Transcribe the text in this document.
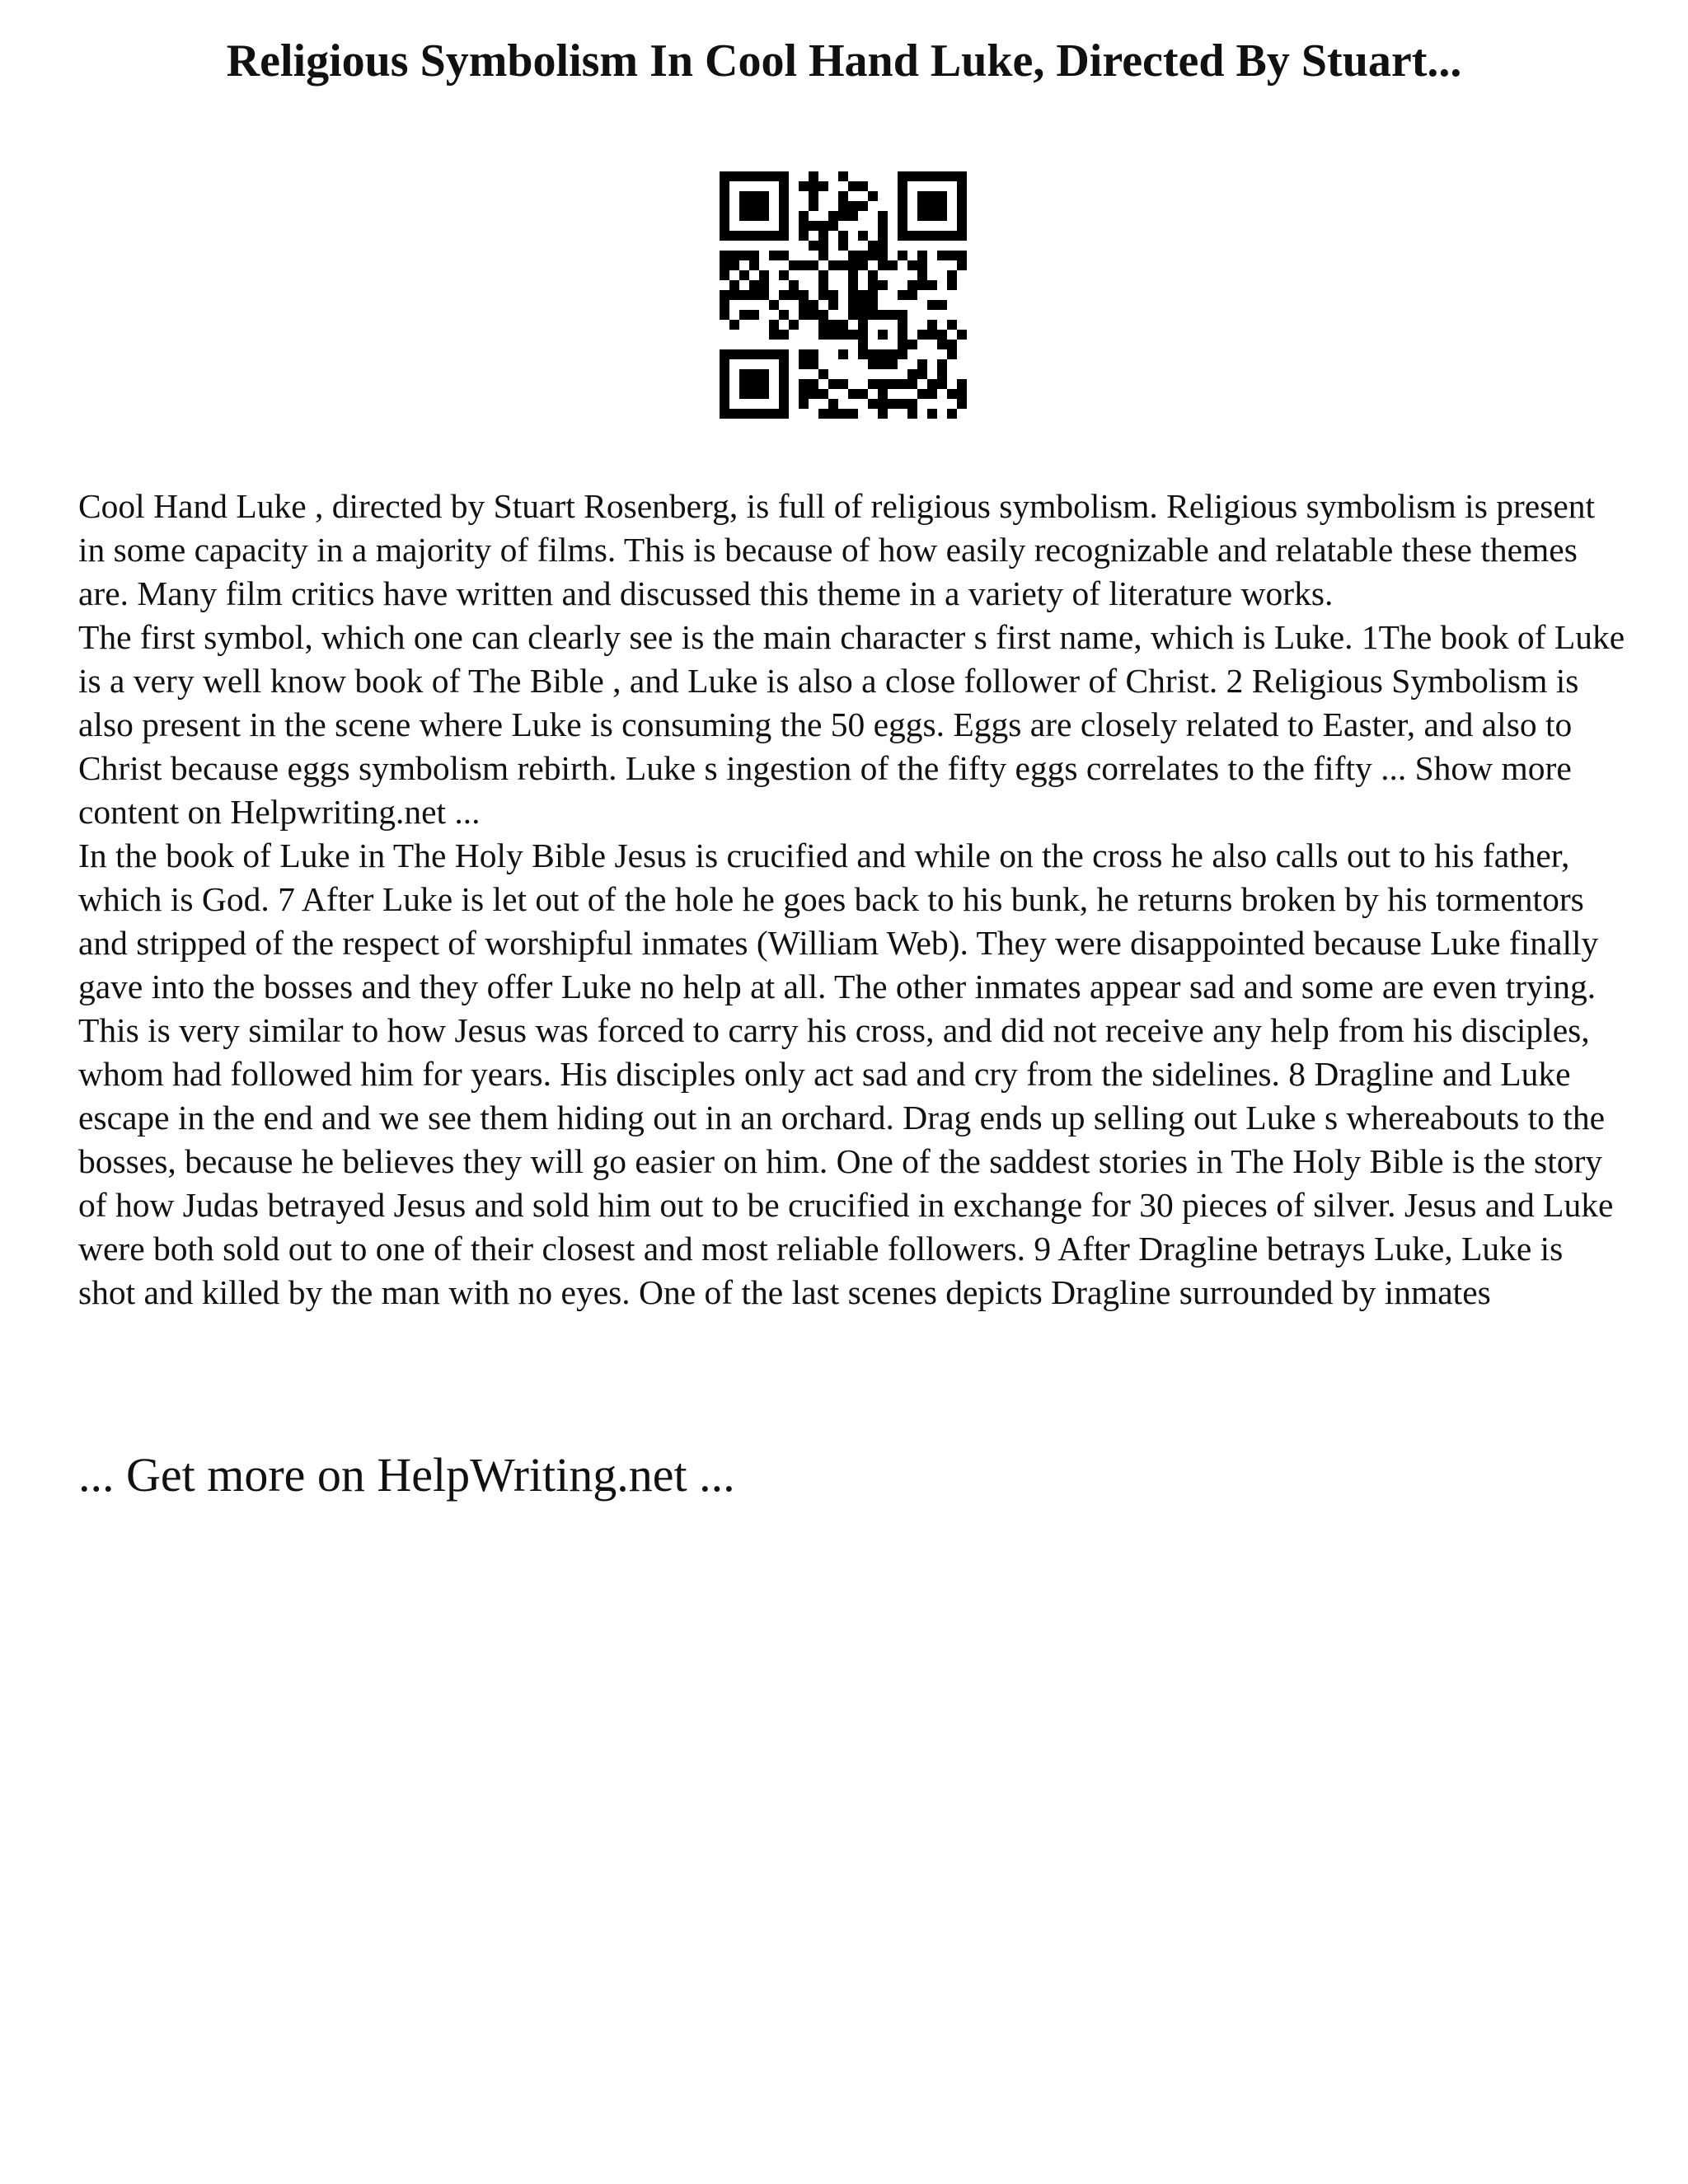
Religious Symbolism In Cool Hand Luke, Directed By Stuart...

Cool Hand Luke , directed by Stuart Rosenberg, is full of religious symbolism. Religious symbolism is present in some capacity in a majority of films. This is because of how easily recognizable and relatable these themes are. Many film critics have written and discussed this theme in a variety of literature works.

The first symbol, which one can clearly see is the main character s first name, which is Luke. 1The book of Luke is a very well know book of The Bible , and Luke is also a close follower of Christ. 2 Religious Symbolism is also present in the scene where Luke is consuming the 50 eggs. Eggs are closely related to Easter, and also to Christ because eggs symbolism rebirth. Luke s ingestion of the fifty eggs correlates to the fifty ... Show more content on Helpwriting.net ...

In the book of Luke in The Holy Bible Jesus is crucified and while on the cross he also calls out to his father, which is God. 7 After Luke is let out of the hole he goes back to his bunk, he returns broken by his tormentors and stripped of the respect of worshipful inmates (William Web). They were disappointed because Luke finally gave into the bosses and they offer Luke no help at all. The other inmates appear sad and some are even trying. This is very similar to how Jesus was forced to carry his cross, and did not receive any help from his disciples, whom had followed him for years. His disciples only act sad and cry from the sidelines. 8 Dragline and Luke escape in the end and we see them hiding out in an orchard. Drag ends up selling out Luke s whereabouts to the bosses, because he believes they will go easier on him. One of the saddest stories in The Holy Bible is the story of how Judas betrayed Jesus and sold him out to be crucified in exchange for 30 pieces of silver. Jesus and Luke were both sold out to one of their closest and most reliable followers. 9 After Dragline betrays Luke, Luke is shot and killed by the man with no eyes. One of the last scenes depicts Dragline surrounded by inmates

... Get more on HelpWriting.net ...
